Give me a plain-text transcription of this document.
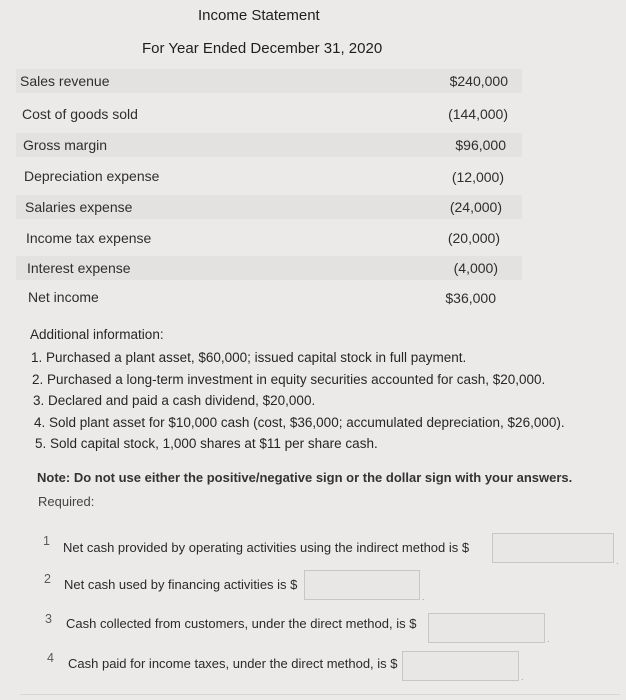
Income Statement
For Year Ended December 31, 2020
Sales revenue	$240,000
Cost of goods sold	(144,000)
Gross margin	$96,000
Depreciation expense	(12,000)
Salaries expense	(24,000)
Income tax expense	(20,000)
Interest expense	(4,000)
Net income	$36,000
Additional information:
1. Purchased a plant asset, $60,000; issued capital stock in full payment.
2. Purchased a long-term investment in equity securities accounted for cash, $20,000.
3. Declared and paid a cash dividend, $20,000.
4. Sold plant asset for $10,000 cash (cost, $36,000; accumulated depreciation, $26,000).
5. Sold capital stock, 1,000 shares at $11 per share cash.
Note: Do not use either the positive/negative sign or the dollar sign with your answers.
Required:
1 Net cash provided by operating activities using the indirect method is $
.
2 Net cash used by financing activities is $
.
3 Cash collected from customers, under the direct method, is $
.
4 Cash paid for income taxes, under the direct method, is $
.
